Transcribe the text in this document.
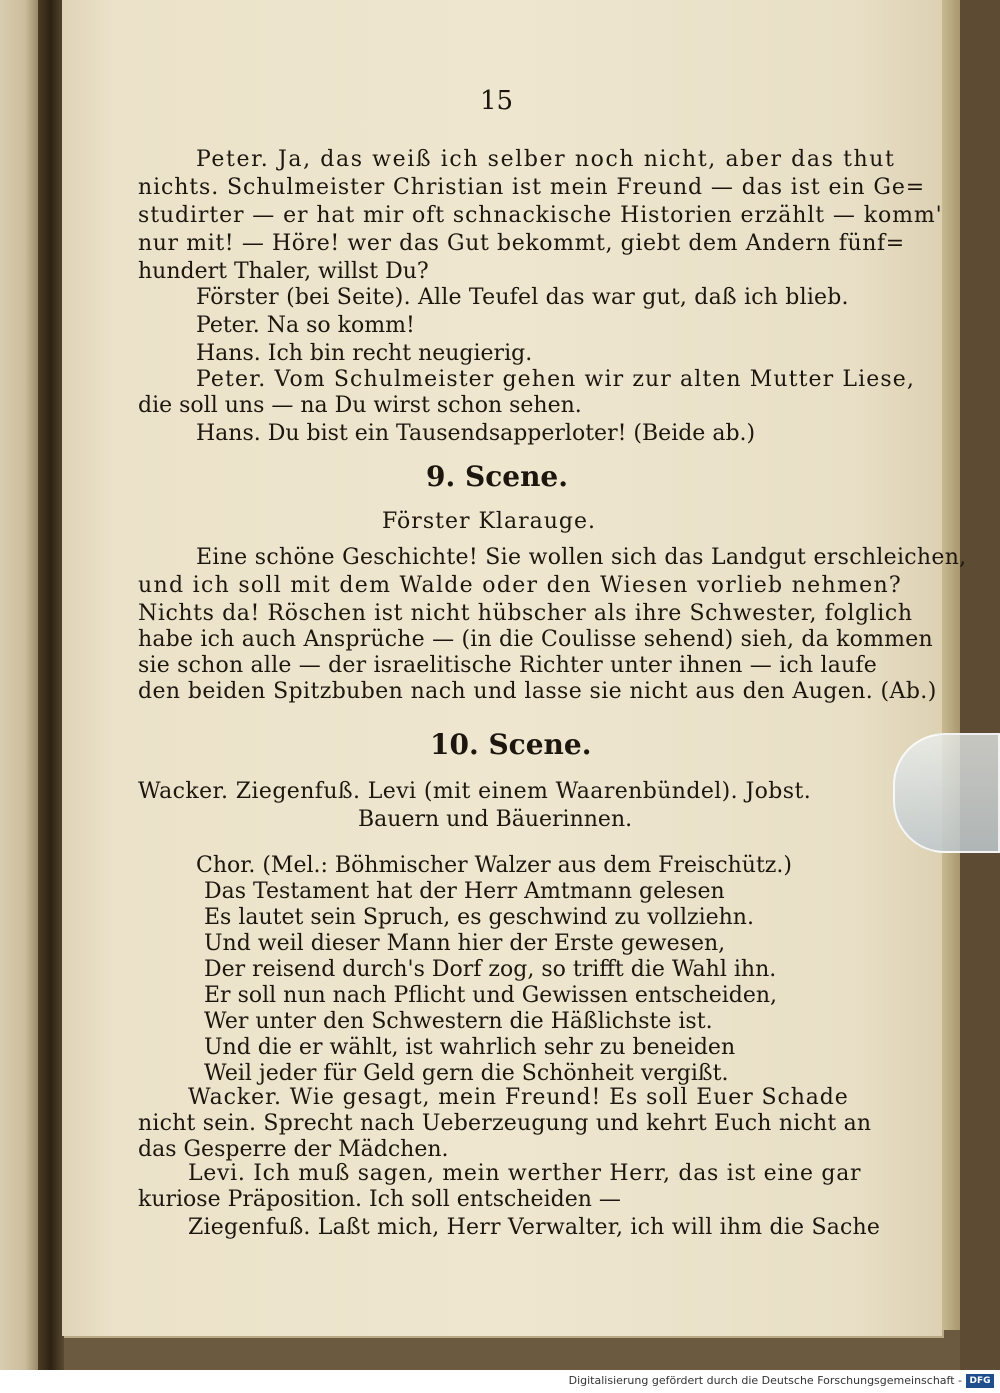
15

Peter. Ja, das weiß ich selber noch nicht, aber das thut

nichts. Schulmeister Christian ist mein Freund — das ist ein Ge=

studirter — er hat mir oft schnackische Historien erzählt — komm'

nur mit! — Höre! wer das Gut bekommt, giebt dem Andern fünf=

hundert Thaler, willst Du?

Förster (bei Seite). Alle Teufel das war gut, daß ich blieb.

Peter. Na so komm!

Hans. Ich bin recht neugierig.

Peter. Vom Schulmeister gehen wir zur alten Mutter Liese,

die soll uns — na Du wirst schon sehen.

Hans. Du bist ein Tausendsapperloter! (Beide ab.)

9. Scene.

Förster Klarauge.

Eine schöne Geschichte! Sie wollen sich das Landgut erschleichen,

und ich soll mit dem Walde oder den Wiesen vorlieb nehmen?

Nichts da! Röschen ist nicht hübscher als ihre Schwester, folglich

habe ich auch Ansprüche — (in die Coulisse sehend) sieh, da kommen

sie schon alle — der israelitische Richter unter ihnen — ich laufe

den beiden Spitzbuben nach und lasse sie nicht aus den Augen. (Ab.)

10. Scene.

Wacker. Ziegenfuß. Levi (mit einem Waarenbündel). Jobst.

Bauern und Bäuerinnen.

Chor. (Mel.: Böhmischer Walzer aus dem Freischütz.)

Das Testament hat der Herr Amtmann gelesen

Es lautet sein Spruch, es geschwind zu vollziehn.

Und weil dieser Mann hier der Erste gewesen,

Der reisend durch's Dorf zog, so trifft die Wahl ihn.

Er soll nun nach Pflicht und Gewissen entscheiden,

Wer unter den Schwestern die Häßlichste ist.

Und die er wählt, ist wahrlich sehr zu beneiden

Weil jeder für Geld gern die Schönheit vergißt.

Wacker. Wie gesagt, mein Freund! Es soll Euer Schade

nicht sein. Sprecht nach Ueberzeugung und kehrt Euch nicht an

das Gesperre der Mädchen.

Levi. Ich muß sagen, mein werther Herr, das ist eine gar

kuriose Präposition. Ich soll entscheiden —

Ziegenfuß. Laßt mich, Herr Verwalter, ich will ihm die Sache

Digitalisierung gefördert durch die Deutsche Forschungsgemeinschaft - DFG
